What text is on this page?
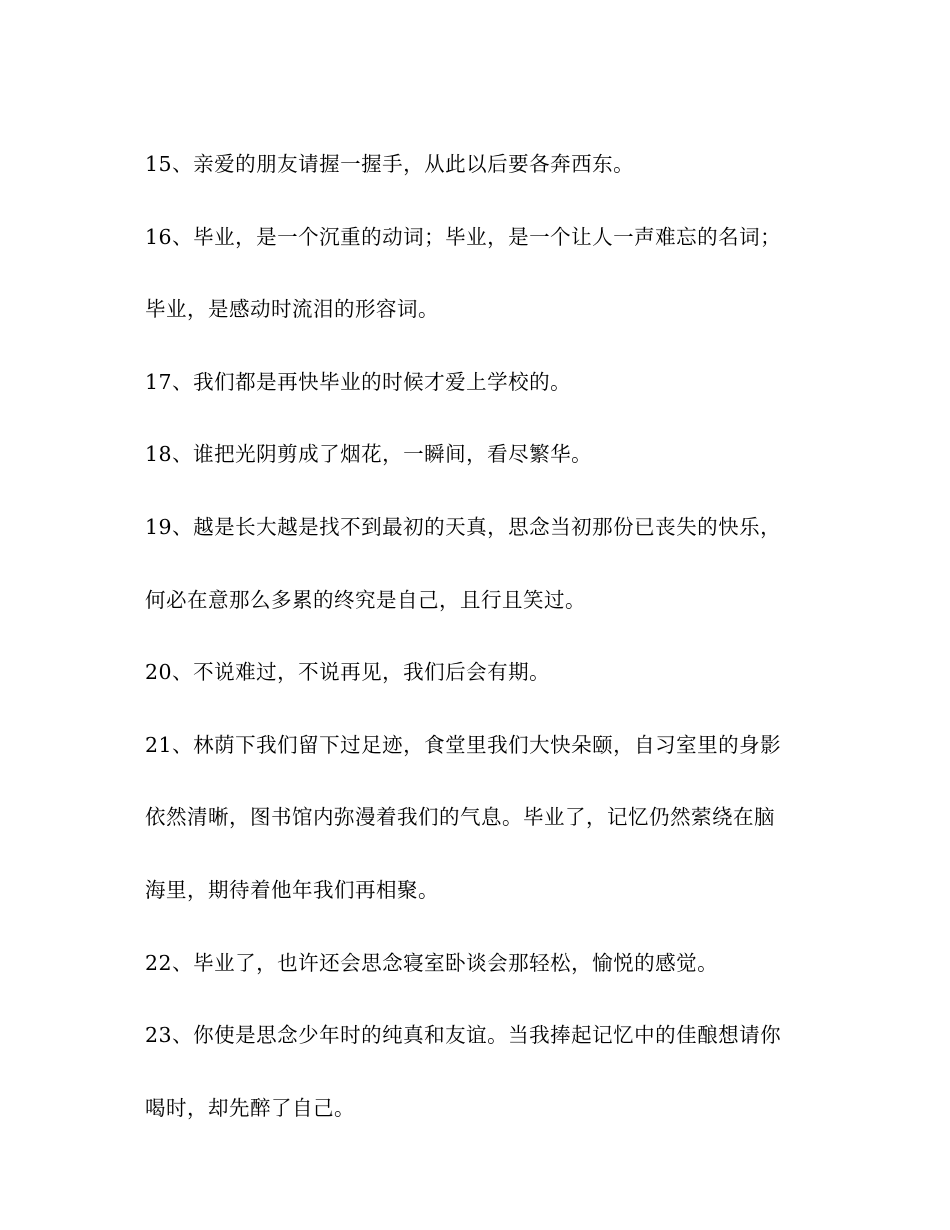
15、亲爱的朋友请握一握手，从此以后要各奔西东。

16、毕业，是一个沉重的动词；毕业，是一个让人一声难忘的名词；

毕业，是感动时流泪的形容词。

17、我们都是再快毕业的时候才爱上学校的。

18、谁把光阴剪成了烟花，一瞬间，看尽繁华。

19、越是长大越是找不到最初的天真，思念当初那份已丧失的快乐，

何必在意那么多累的终究是自己，且行且笑过。

20、不说难过，不说再见，我们后会有期。

21、林荫下我们留下过足迹，食堂里我们大快朵颐，自习室里的身影

依然清晰，图书馆内弥漫着我们的气息。毕业了，记忆仍然萦绕在脑

海里，期待着他年我们再相聚。

22、毕业了，也许还会思念寝室卧谈会那轻松，愉悦的感觉。

23、你使是思念少年时的纯真和友谊。当我捧起记忆中的佳酿想请你

喝时，却先醉了自己。
